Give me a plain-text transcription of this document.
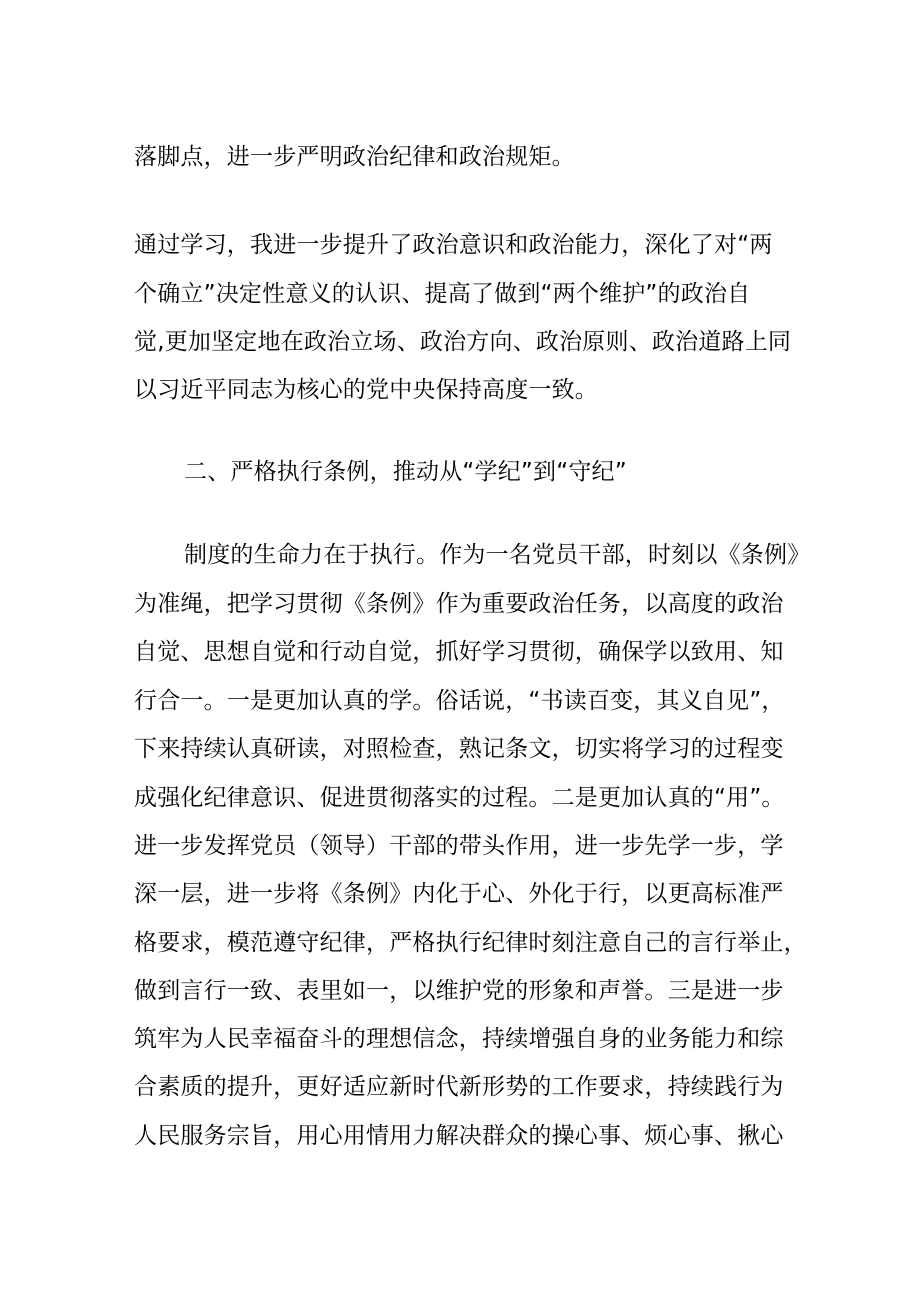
落脚点，进一步严明政治纪律和政治规矩。
通过学习，我进一步提升了政治意识和政治能力，深化了对“两
个确立”决定性意义的认识、提高了做到“两个维护”的政治自
觉,更加坚定地在政治立场、政治方向、政治原则、政治道路上同
以习近平同志为核心的党中央保持高度一致。
二、严格执行条例，推动从“学纪”到“守纪”
制度的生命力在于执行。作为一名党员干部，时刻以《条例》
为准绳，把学习贯彻《条例》作为重要政治任务，以高度的政治
自觉、思想自觉和行动自觉，抓好学习贯彻，确保学以致用、知
行合一。一是更加认真的学。俗话说，“书读百变，其义自见”，
下来持续认真研读，对照检查，熟记条文，切实将学习的过程变
成强化纪律意识、促进贯彻落实的过程。二是更加认真的“用”。
进一步发挥党员（领导）干部的带头作用，进一步先学一步，学
深一层，进一步将《条例》内化于心、外化于行，以更高标准严
格要求，模范遵守纪律，严格执行纪律时刻注意自己的言行举止，
做到言行一致、表里如一，以维护党的形象和声誉。三是进一步
筑牢为人民幸福奋斗的理想信念，持续增强自身的业务能力和综
合素质的提升，更好适应新时代新形势的工作要求，持续践行为
人民服务宗旨，用心用情用力解决群众的操心事、烦心事、揪心
